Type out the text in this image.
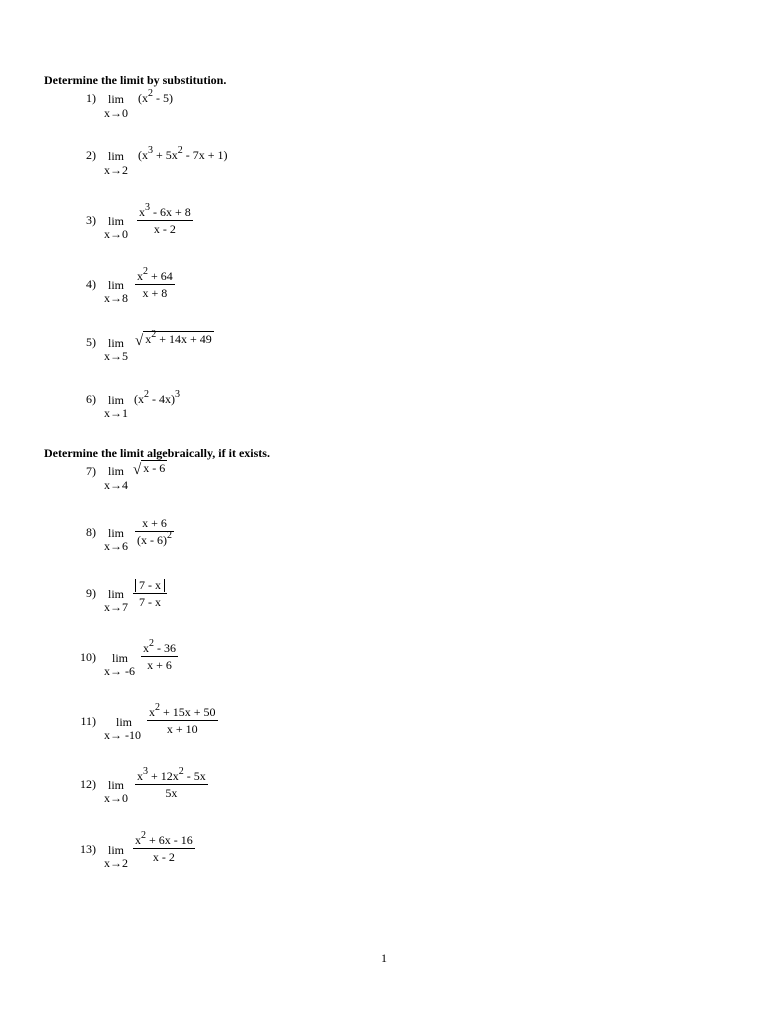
Determine the limit by substitution.
1) lim
x→0
$(x^2 - 5)$
2) lim
x→2
$(x^3 + 5x^2 - 7x + 1)$
3) lim
$x\to 0 \frac{x^3 - 6x + 8}{x - 2}$
4) lim
$x\to 8 \frac{x^2 + 64}{x + 8}$
5) lim
x→5
√ $x^2 + 14x + 49$
6) lim
x→1
$(x^2 - 4x)^3$
Determine the limit algebraically, if it exists.
7) lim
x→4
√ x - 6
8) lim
$x\to 6 \frac{x + 6}{(x - 6)^2}$
9) lim
$x\to 7 \frac{7 - x}{7 - x}$
10) lim
$x\to -6 \frac{x^2 - 36}{x + 6}$
11) lim
$x\to -10 \frac{x^2 + 15x + 50}{x + 10}$
12) lim
$x\to 0 \frac{x^3 + 12x^2 - 5x}{5x}$
13) lim
$x\to 2 \frac{x^2 + 6x - 16}{x - 2}$
1
